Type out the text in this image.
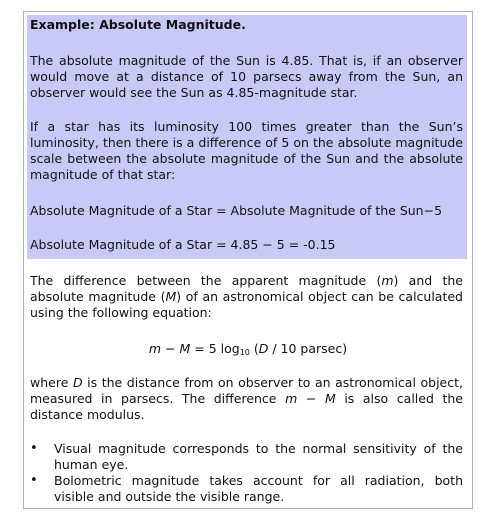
Example: Absolute Magnitude.
The absolute magnitude of the Sun is 4.85. That is, if an observer would move at a distance of 10 parsecs away from the Sun, an observer would see the Sun as 4.85-magnitude star.
If a star has its luminosity 100 times greater than the Sun’s luminosity, then there is a difference of 5 on the absolute magnitude scale between the absolute magnitude of the Sun and the absolute magnitude of that star:
Absolute Magnitude of a Star = Absolute Magnitude of the Sun−5
Absolute Magnitude of a Star = 4.85 − 5 = -0.15
The difference between the apparent magnitude (m) and the absolute magnitude (M) of an astronomical object can be calculated using the following equation:
m − M = 5 $\log_{10} (D / 10$ parsec)
where D is the distance from on observer to an astronomical object, measured in parsecs. The difference m − M is also called the distance modulus.
•	Visual magnitude corresponds to the normal sensitivity of the human eye.
•	Bolometric magnitude takes account for all radiation, both visible and outside the visible range.
